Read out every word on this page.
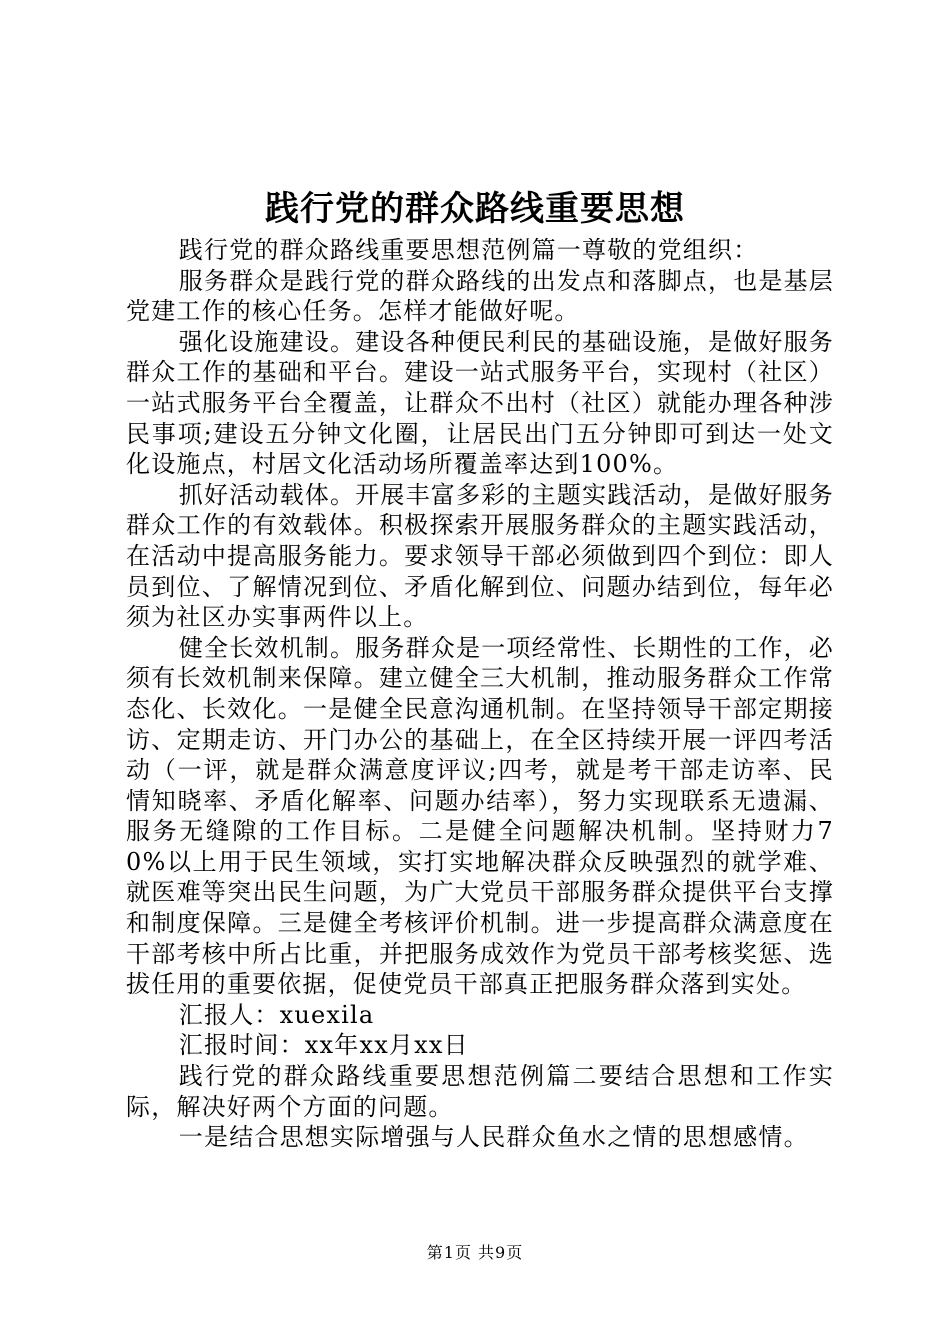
践行党的群众路线重要思想

践行党的群众路线重要思想范例篇一尊敬的党组织：

服务群众是践行党的群众路线的出发点和落脚点，也是基层党建工作的核心任务。怎样才能做好呢。

强化设施建设。建设各种便民利民的基础设施，是做好服务群众工作的基础和平台。建设一站式服务平台，实现村（社区）一站式服务平台全覆盖，让群众不出村（社区）就能办理各种涉民事项;建设五分钟文化圈，让居民出门五分钟即可到达一处文化设施点，村居文化活动场所覆盖率达到100%。

抓好活动载体。开展丰富多彩的主题实践活动，是做好服务群众工作的有效载体。积极探索开展服务群众的主题实践活动，在活动中提高服务能力。要求领导干部必须做到四个到位：即人员到位、了解情况到位、矛盾化解到位、问题办结到位，每年必须为社区办实事两件以上。

健全长效机制。服务群众是一项经常性、长期性的工作，必须有长效机制来保障。建立健全三大机制，推动服务群众工作常态化、长效化。一是健全民意沟通机制。在坚持领导干部定期接访、定期走访、开门办公的基础上，在全区持续开展一评四考活动（一评，就是群众满意度评议;四考，就是考干部走访率、民情知晓率、矛盾化解率、问题办结率），努力实现联系无遗漏、服务无缝隙的工作目标。二是健全问题解决机制。坚持财力70%以上用于民生领域，实打实地解决群众反映强烈的就学难、就医难等突出民生问题，为广大党员干部服务群众提供平台支撑和制度保障。三是健全考核评价机制。进一步提高群众满意度在干部考核中所占比重，并把服务成效作为党员干部考核奖惩、选拔任用的重要依据，促使党员干部真正把服务群众落到实处。

汇报人：xuexila

汇报时间：xx年xx月xx日

践行党的群众路线重要思想范例篇二要结合思想和工作实际，解决好两个方面的问题。

一是结合思想实际增强与人民群众鱼水之情的思想感情。

第1页 共9页
